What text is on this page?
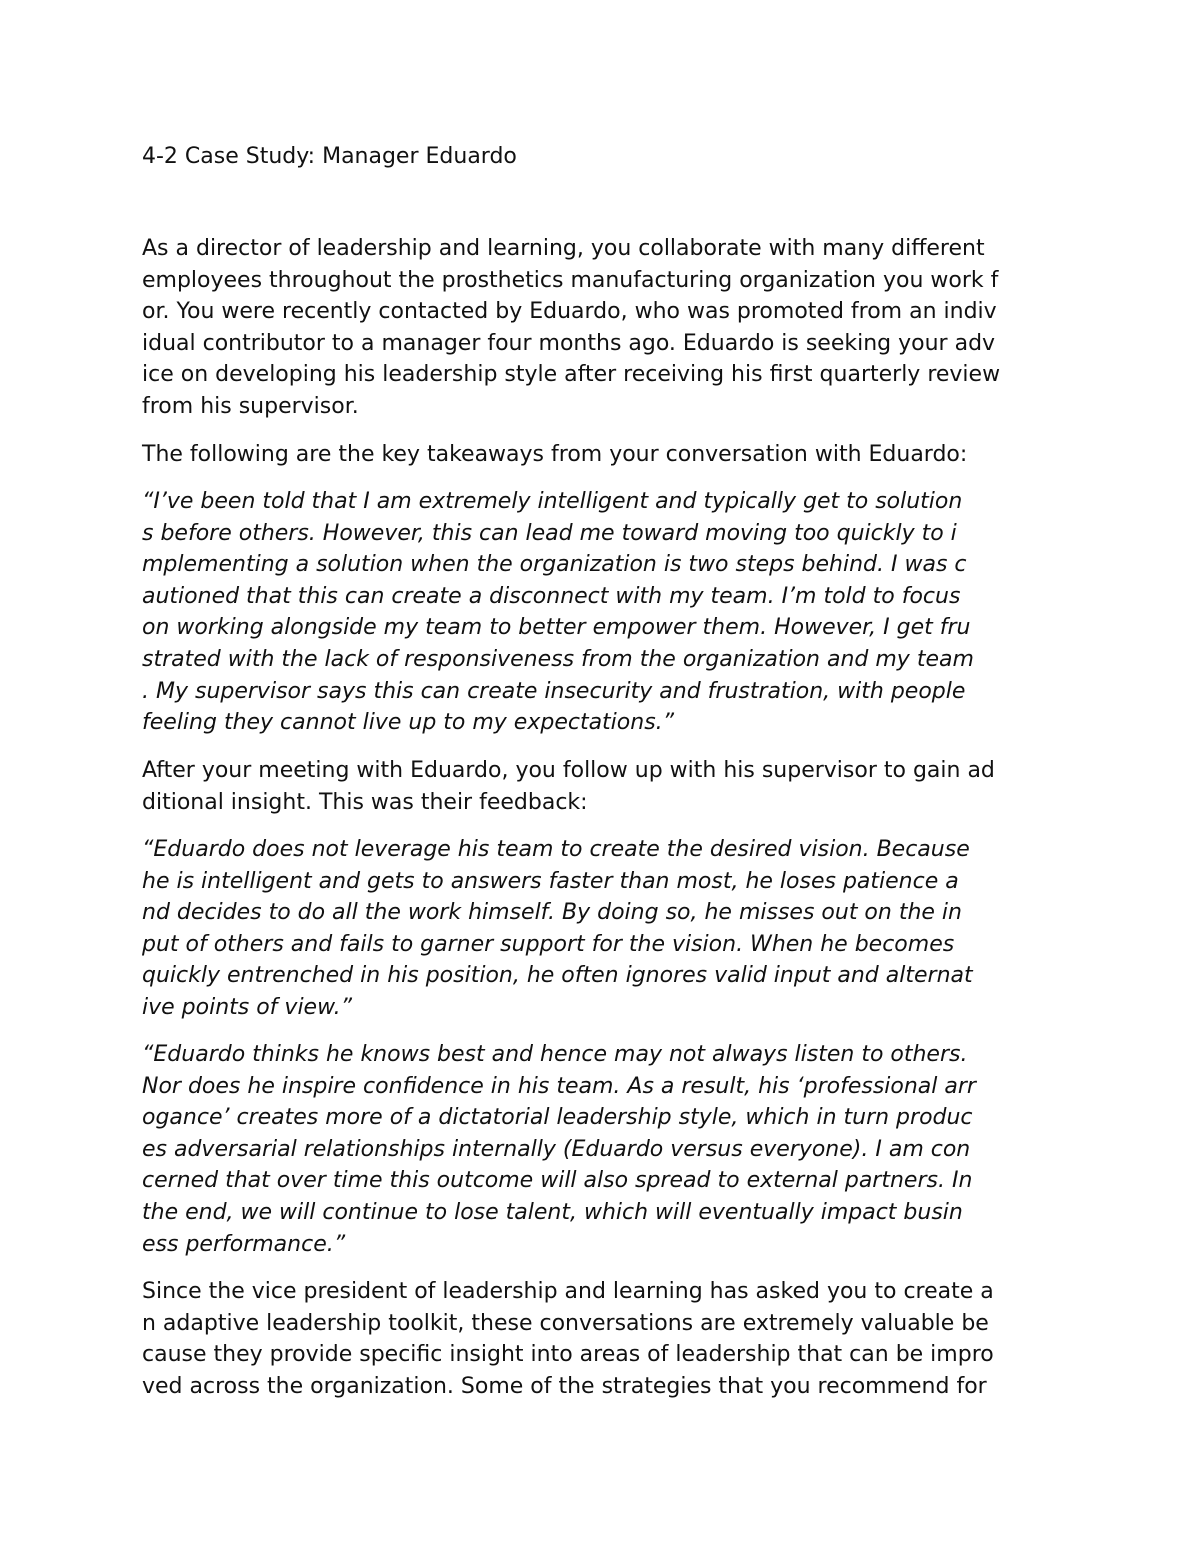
4-2 Case Study: Manager Eduardo
As a director of leadership and learning, you collaborate with many different
employees throughout the prosthetics manufacturing organization you work f
or. You were recently contacted by Eduardo, who was promoted from an indiv
idual contributor to a manager four months ago. Eduardo is seeking your adv
ice on developing his leadership style after receiving his first quarterly review
from his supervisor.
The following are the key takeaways from your conversation with Eduardo:
“I’ve been told that I am extremely intelligent and typically get to solution
s before others. However, this can lead me toward moving too quickly to i
mplementing a solution when the organization is two steps behind. I was c
autioned that this can create a disconnect with my team. I’m told to focus
on working alongside my team to better empower them. However, I get fru
strated with the lack of responsiveness from the organization and my team
. My supervisor says this can create insecurity and frustration, with people
feeling they cannot live up to my expectations.”
After your meeting with Eduardo, you follow up with his supervisor to gain ad
ditional insight. This was their feedback:
“Eduardo does not leverage his team to create the desired vision. Because
he is intelligent and gets to answers faster than most, he loses patience a
nd decides to do all the work himself. By doing so, he misses out on the in
put of others and fails to garner support for the vision. When he becomes
quickly entrenched in his position, he often ignores valid input and alternat
ive points of view.”
“Eduardo thinks he knows best and hence may not always listen to others.
Nor does he inspire confidence in his team. As a result, his ‘professional arr
ogance’ creates more of a dictatorial leadership style, which in turn produc
es adversarial relationships internally (Eduardo versus everyone). I am con
cerned that over time this outcome will also spread to external partners. In
the end, we will continue to lose talent, which will eventually impact busin
ess performance.”
Since the vice president of leadership and learning has asked you to create a
n adaptive leadership toolkit, these conversations are extremely valuable be
cause they provide specific insight into areas of leadership that can be impro
ved across the organization. Some of the strategies that you recommend for
